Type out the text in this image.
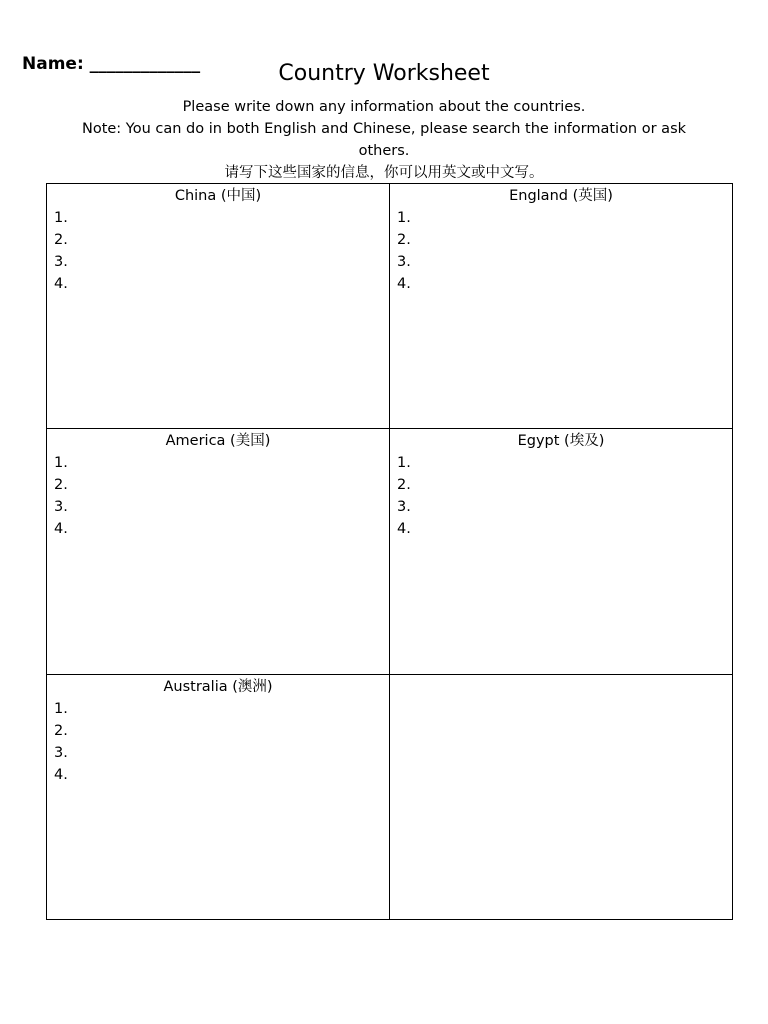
Name: _____________	Country Worksheet
Please write down any information about the countries.
Note: You can do in both English and Chinese, please search the information or ask
others.
请写下这些国家的信息，你可以用英文或中文写。
China (中国)
1.
2.
3.
4.
England (英国)
1.
2.
3.
4.
America (美国)
1.
2.
3.
4.
Egypt (埃及)
1.
2.
3.
4.
Australia (澳洲)
1.
2.
3.
4.
